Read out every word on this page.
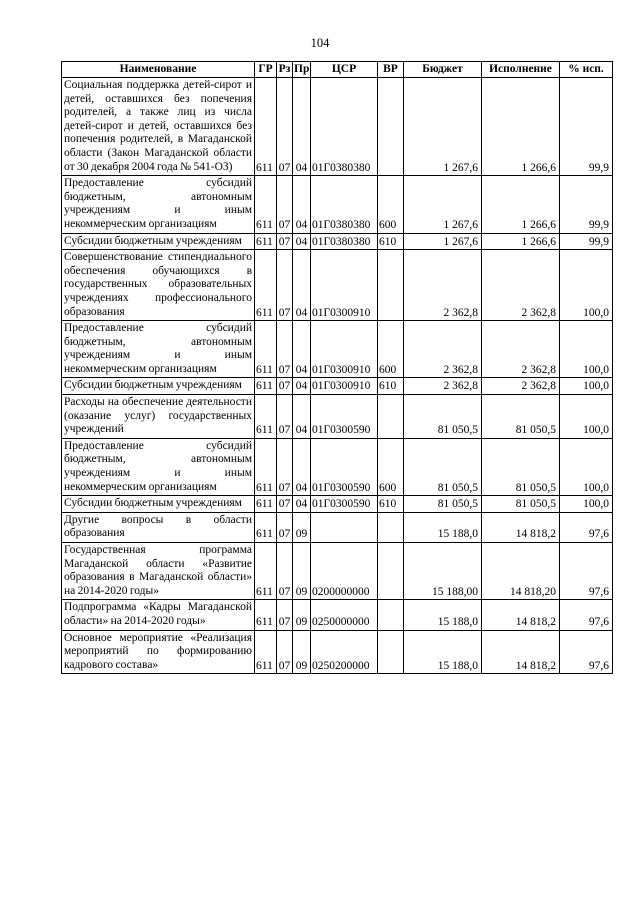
104
Наименование	ГР	Рз	Пр	ЦСР	ВР	Бюджет	Исполнение	% исп.
Социальная поддержка детей-сирот и детей, оставшихся без попечения родителей, а также лиц из числа детей-сирот и детей, оставшихся без попечения родителей, в Магаданской области (Закон Магаданской области от 30 декабря 2004 года № 541-ОЗ)	611	07	04	01Г0380380		1 267,6	1 266,6	99,9
Предоставление субсидий бюджетным, автономным учреждениям и иным некоммерческим организациям	611	07	04	01Г0380380	600	1 267,6	1 266,6	99,9
Субсидии бюджетным учреждениям	611	07	04	01Г0380380	610	1 267,6	1 266,6	99,9
Совершенствование стипендиального обеспечения обучающихся в государственных образовательных учреждениях профессионального образования	611	07	04	01Г0300910		2 362,8	2 362,8	100,0
Предоставление субсидий бюджетным, автономным учреждениям и иным некоммерческим организациям	611	07	04	01Г0300910	600	2 362,8	2 362,8	100,0
Субсидии бюджетным учреждениям	611	07	04	01Г0300910	610	2 362,8	2 362,8	100,0
Расходы на обеспечение деятельности (оказание услуг) государственных учреждений	611	07	04	01Г0300590		81 050,5	81 050,5	100,0
Предоставление субсидий бюджетным, автономным учреждениям и иным некоммерческим организациям	611	07	04	01Г0300590	600	81 050,5	81 050,5	100,0
Субсидии бюджетным учреждениям	611	07	04	01Г0300590	610	81 050,5	81 050,5	100,0
Другие вопросы в области образования	611	07	09			15 188,0	14 818,2	97,6
Государственная программа Магаданской области «Развитие образования в Магаданской области» на 2014-2020 годы»	611	07	09	0200000000		15 188,00	14 818,20	97,6
Подпрограмма «Кадры Магаданской области» на 2014-2020 годы»	611	07	09	0250000000		15 188,0	14 818,2	97,6
Основное мероприятие «Реализация мероприятий по формированию кадрового состава»	611	07	09	0250200000		15 188,0	14 818,2	97,6
